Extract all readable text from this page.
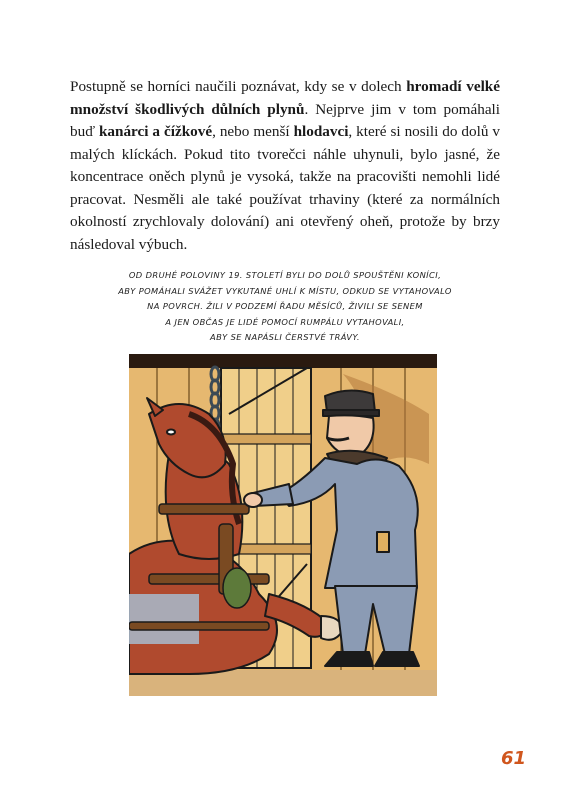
Postupně se horníci naučili poznávat, kdy se v dolech hromadí velké množství škodlivých důlních plynů. Nejprve jim v tom pomáhali buď kanárci a čížkové, nebo menší hlodavci, které si nosili do dolů v malých klíckách. Pokud tito tvorečci náhle uhynuli, bylo jasné, že koncentrace oněch plynů je vysoká, takže na pracovišti nemohli lidé pracovat. Nesměli ale také používat trhaviny (které za normálních okolností zrychlovaly dolování) ani otevřený oheň, protože by brzy následoval výbuch.

OD DRUHÉ POLOVINY 19. STOLETÍ BYLI DO DOLŮ SPOUŠTĚNI KONÍCI,
ABY POMÁHALI SVÁŽET VYKUTANÉ UHLÍ K MÍSTU, ODKUD SE VYTAHOVALO
NA POVRCH. ŽILI V PODZEMÍ ŘADU MĚSÍCŮ, ŽIVILI SE SENEM
A JEN OBČAS JE LIDÉ POMOCÍ RUMPÁLU VYTAHOVALI,
ABY SE NAPÁSLI ČERSTVÉ TRÁVY.
61
